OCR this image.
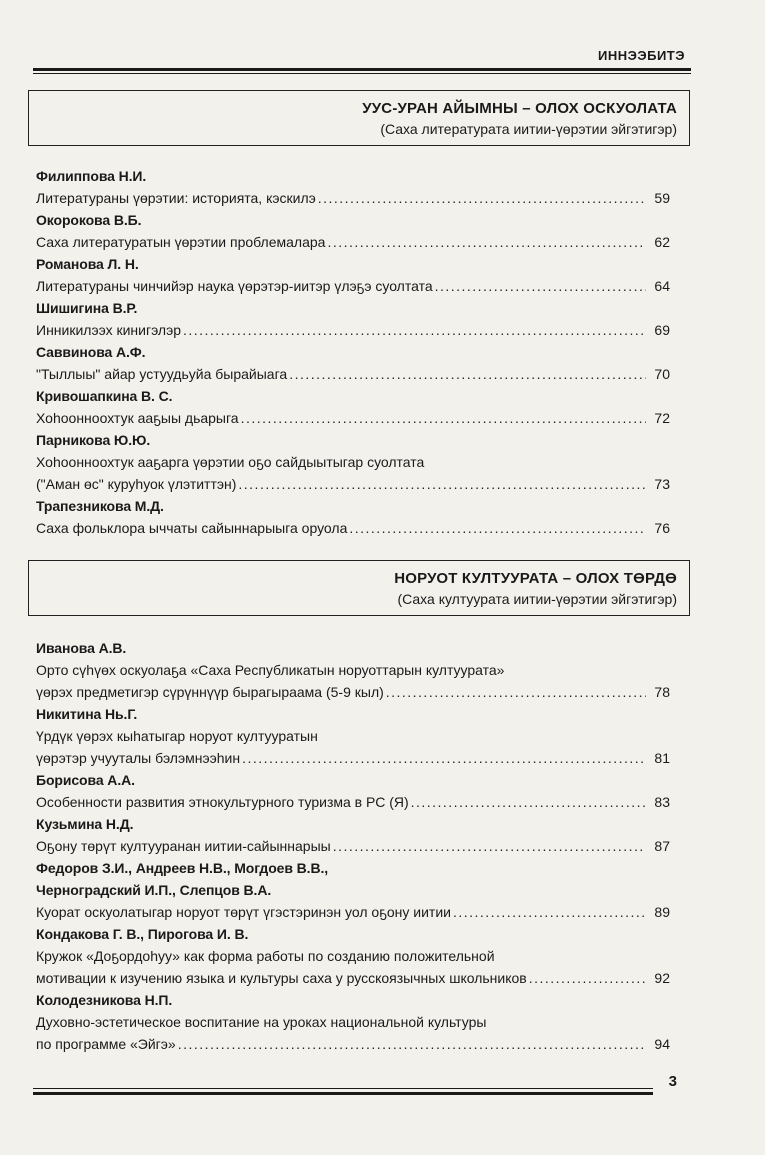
ИННЭЭБИТЭ
УУС-УРАН АЙЫМНЫ – ОЛОХ ОСКУОЛАТА
(Саха литературата иитии-үөрэтии эйгэтигэр)
Филиппова Н.И.
Литератураны үөрэтии: историята, кэскилэ . . .	59
Окорокова В.Б.
Саха литературатын үөрэтии проблемалара . . .	62
Романова Л. Н.
Литератураны чинчийэр наука үөрэтэр-иитэр үлэҕэ суолтата . . .	64
Шишигина В.Р.
Инникилээх кинигэлэр . . .	69
Саввинова А.Ф.
"Тыллыы" айар устуудьуйа бырайыага . . .	70
Кривошапкина В. С.
Хоһоонноохтук ааҕыы дьарыга . . .	72
Парникова Ю.Ю.
Хоһоонноохтук ааҕарга үөрэтии оҕо сайдыытыгар суолтата
("Аман өс" куруһуок үлэтиттэн) . . .	73
Трапезникова М.Д.
Саха фольклора ыччаты сайыннарыыга оруола . . .	76
НОРУОТ КУЛТУУРАТА – ОЛОХ ТӨРДӨ
(Саха култуурата иитии-үөрэтии эйгэтигэр)
Иванова А.В.
Орто сүһүөх оскуолаҕа «Саха Республикатын норуоттарын култуурата»
үөрэх предметигэр сүрүннүүр бырагыраама (5-9 кыл) . . .	78
Никитина Нь.Г.
Үрдүк үөрэх кыһатыгар норуот култууратын
үөрэтэр учууталы бэлэмнээһин . . .	81
Борисова А.А.
Особенности развития этнокультурного туризма в РС (Я) . . .	83
Кузьмина Н.Д.
Оҕону төрүт култууранан иитии-сайыннарыы . . .	87
Федоров З.И., Андреев Н.В., Могдоев В.В.,
Черноградский И.П., Слепцов В.А.
Куорат оскуолатыгар норуот төрүт үгэстэринэн уол оҕону иитии . . .	89
Кондакова Г. В., Пирогова И. В.
Кружок «Доҕордоһуу» как форма работы по созданию положительной
мотивации к изучению языка и культуры саха у русскоязычных школьников . . .	92
Колодезникова Н.П.
Духовно-эстетическое воспитание на уроках национальной культуры
по программе «Эйгэ» . . .	94
3
